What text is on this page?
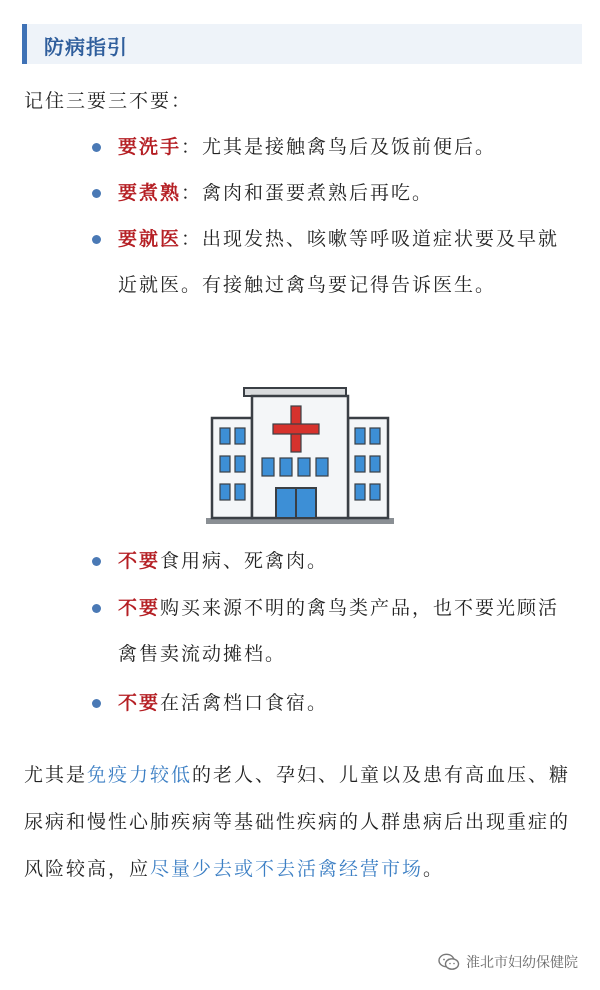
防病指引
记住三要三不要：
要洗手：尤其是接触禽鸟后及饭前便后。
要煮熟：禽肉和蛋要煮熟后再吃。
要就医：出现发热、咳嗽等呼吸道症状要及早就近就医。有接触过禽鸟要记得告诉医生。
不要食用病、死禽肉。
不要购买来源不明的禽鸟类产品，也不要光顾活禽售卖流动摊档。
不要在活禽档口食宿。

尤其是免疫力较低的老人、孕妇、儿童以及患有高血压、糖尿病和慢性心肺疾病等基础性疾病的人群患病后出现重症的风险较高，应尽量少去或不去活禽经营市场。

淮北市妇幼保健院
